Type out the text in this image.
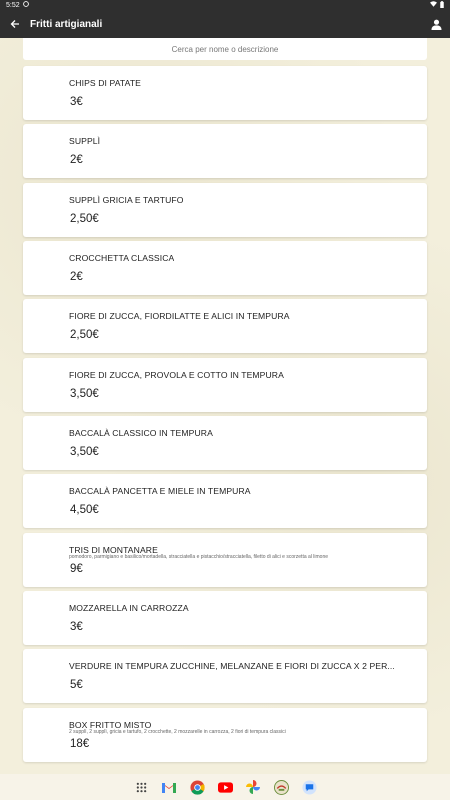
5:52
Fritti artigianali
Cerca per nome o descrizione
CHIPS DI PATATE
3€
SUPPLÌ
2€
SUPPLÌ GRICIA E TARTUFO
2,50€
CROCCHETTA CLASSICA
2€
FIORE DI ZUCCA, FIORDILATTE E ALICI IN TEMPURA
2,50€
FIORE DI ZUCCA, PROVOLA E COTTO IN TEMPURA
3,50€
BACCALÀ CLASSICO IN TEMPURA
3,50€
BACCALÀ PANCETTA E MIELE IN TEMPURA
4,50€
TRIS DI MONTANARE
pomodoro, parmigiano e basilico/mortadella, stracciatella e pistacchio/stracciatella, filetto di alici e scorzetta al limone
9€
MOZZARELLA IN CARROZZA
3€
VERDURE IN TEMPURA ZUCCHINE, MELANZANE E FIORI DI ZUCCA X 2 PER...
5€
BOX FRITTO MISTO
2 supplì, 2 supplì, gricia e tartufo, 2 crocchette, 2 mozzarelle in carrozza, 2 fiori di tempura classici
18€
